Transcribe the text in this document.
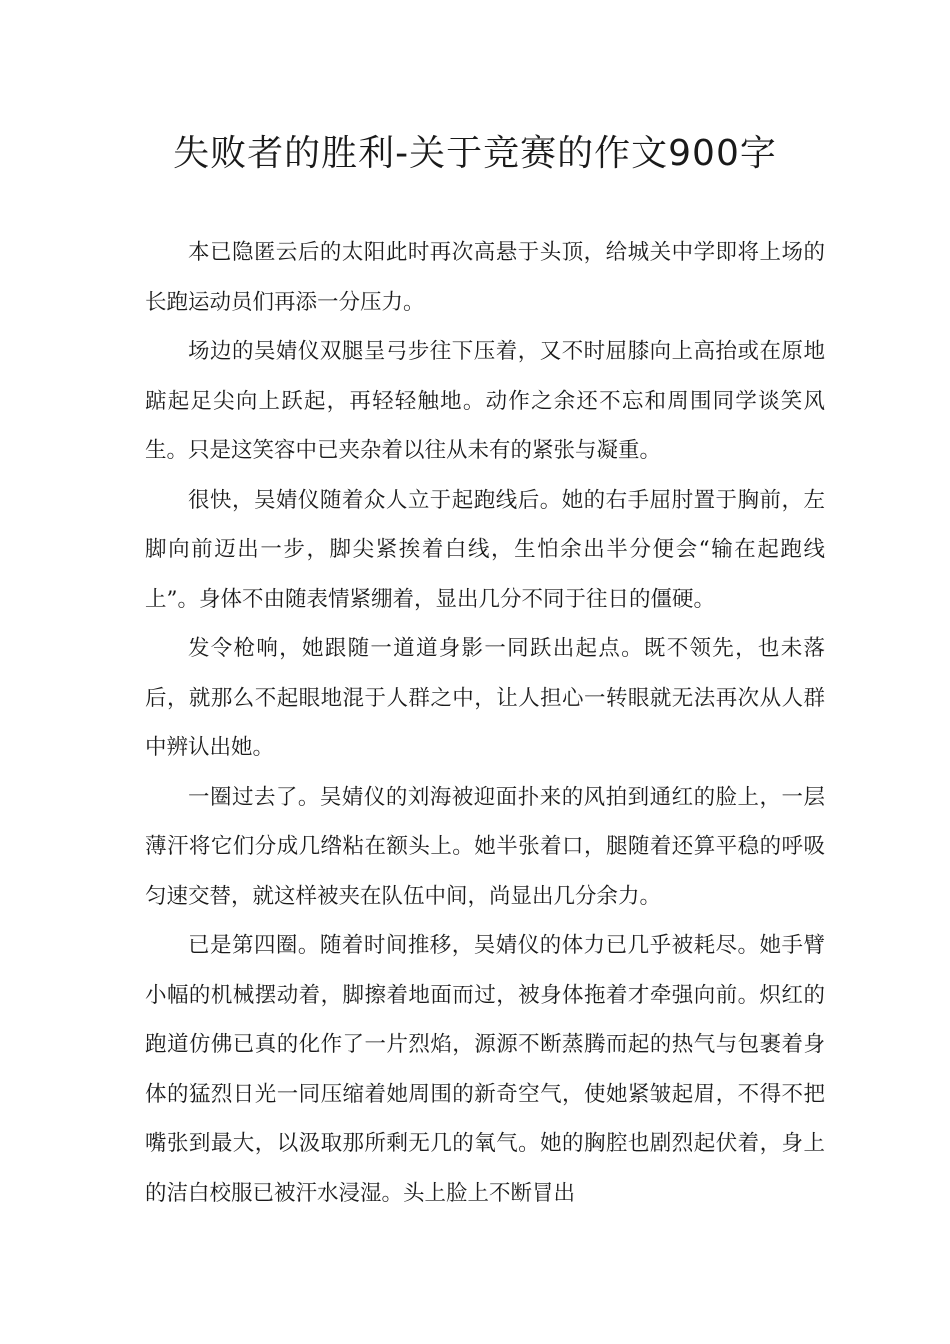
失败者的胜利-关于竞赛的作文900字

本已隐匿云后的太阳此时再次高悬于头顶，给城关中学即将上场的长跑运动员们再添一分压力。

场边的吴婧仪双腿呈弓步往下压着，又不时屈膝向上高抬或在原地踮起足尖向上跃起，再轻轻触地。动作之余还不忘和周围同学谈笑风生。只是这笑容中已夹杂着以往从未有的紧张与凝重。

很快，吴婧仪随着众人立于起跑线后。她的右手屈肘置于胸前，左脚向前迈出一步，脚尖紧挨着白线，生怕余出半分便会“输在起跑线上”。身体不由随表情紧绷着，显出几分不同于往日的僵硬。

发令枪响，她跟随一道道身影一同跃出起点。既不领先，也未落后，就那么不起眼地混于人群之中，让人担心一转眼就无法再次从人群中辨认出她。

一圈过去了。吴婧仪的刘海被迎面扑来的风拍到通红的脸上，一层薄汗将它们分成几绺粘在额头上。她半张着口，腿随着还算平稳的呼吸匀速交替，就这样被夹在队伍中间，尚显出几分余力。

已是第四圈。随着时间推移，吴婧仪的体力已几乎被耗尽。她手臂小幅的机械摆动着，脚擦着地面而过，被身体拖着才牵强向前。炽红的跑道仿佛已真的化作了一片烈焰，源源不断蒸腾而起的热气与包裹着身体的猛烈日光一同压缩着她周围的新奇空气，使她紧皱起眉，不得不把嘴张到最大，以汲取那所剩无几的氧气。她的胸腔也剧烈起伏着，身上的洁白校服已被汗水浸湿。头上脸上不断冒出
